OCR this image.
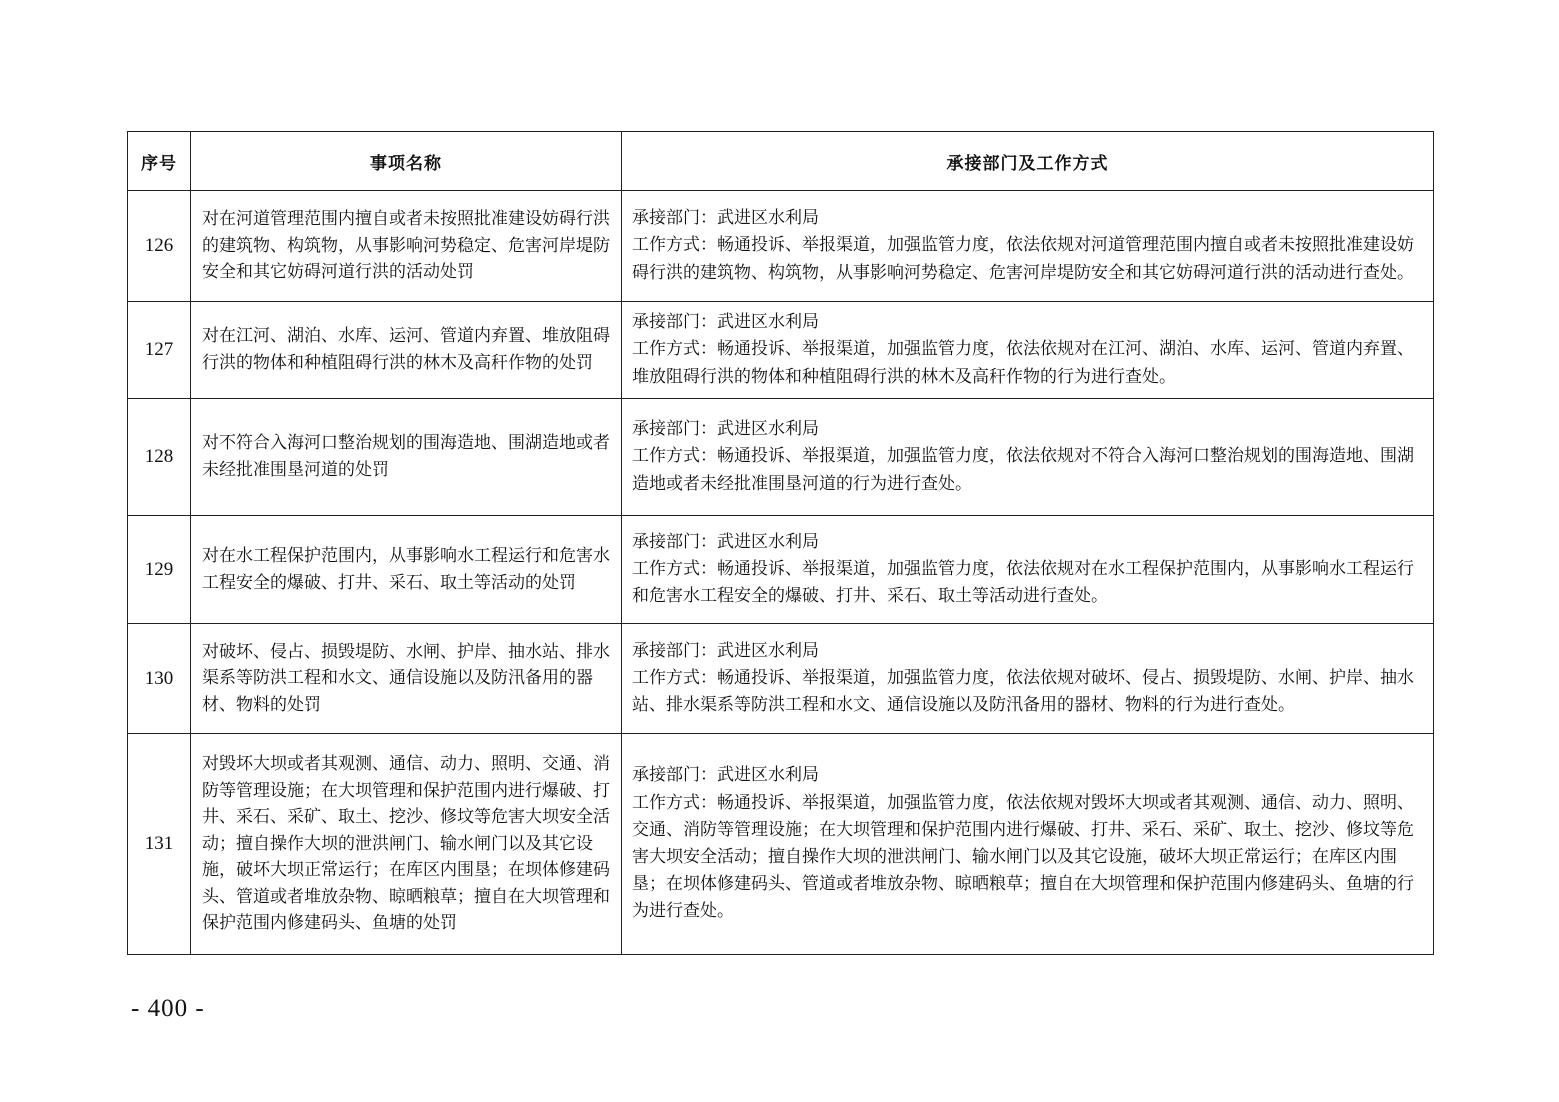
序号	事项名称	承接部门及工作方式
126	对在河道管理范围内擅自或者未按照批准建设妨碍行洪的建筑物、构筑物，从事影响河势稳定、危害河岸堤防安全和其它妨碍河道行洪的活动处罚	承接部门：武进区水利局
工作方式：畅通投诉、举报渠道，加强监管力度，依法依规对河道管理范围内擅自或者未按照批准建设妨碍行洪的建筑物、构筑物，从事影响河势稳定、危害河岸堤防安全和其它妨碍河道行洪的活动进行查处。

127	对在江河、湖泊、水库、运河、管道内弃置、堆放阻碍行洪的物体和种植阻碍行洪的林木及高秆作物的处罚	承接部门：武进区水利局
工作方式：畅通投诉、举报渠道，加强监管力度，依法依规对在江河、湖泊、水库、运河、管道内弃置、堆放阻碍行洪的物体和种植阻碍行洪的林木及高秆作物的行为进行查处。

128	对不符合入海河口整治规划的围海造地、围湖造地或者未经批准围垦河道的处罚	承接部门：武进区水利局
工作方式：畅通投诉、举报渠道，加强监管力度，依法依规对不符合入海河口整治规划的围海造地、围湖造地或者未经批准围垦河道的行为进行查处。

129	对在水工程保护范围内，从事影响水工程运行和危害水工程安全的爆破、打井、采石、取土等活动的处罚	承接部门：武进区水利局
工作方式：畅通投诉、举报渠道，加强监管力度，依法依规对在水工程保护范围内，从事影响水工程运行和危害水工程安全的爆破、打井、采石、取土等活动进行查处。

130	对破坏、侵占、损毁堤防、水闸、护岸、抽水站、排水渠系等防洪工程和水文、通信设施以及防汛备用的器材、物料的处罚	承接部门：武进区水利局
工作方式：畅通投诉、举报渠道，加强监管力度，依法依规对破坏、侵占、损毁堤防、水闸、护岸、抽水站、排水渠系等防洪工程和水文、通信设施以及防汛备用的器材、物料的行为进行查处。

131	对毁坏大坝或者其观测、通信、动力、照明、交通、消防等管理设施；在大坝管理和保护范围内进行爆破、打井、采石、采矿、取土、挖沙、修坟等危害大坝安全活动；擅自操作大坝的泄洪闸门、输水闸门以及其它设施，破坏大坝正常运行；在库区内围垦；在坝体修建码头、管道或者堆放杂物、晾晒粮草；擅自在大坝管理和保护范围内修建码头、鱼塘的处罚	承接部门：武进区水利局
工作方式：畅通投诉、举报渠道，加强监管力度，依法依规对毁坏大坝或者其观测、通信、动力、照明、交通、消防等管理设施；在大坝管理和保护范围内进行爆破、打井、采石、采矿、取土、挖沙、修坟等危害大坝安全活动；擅自操作大坝的泄洪闸门、输水闸门以及其它设施，破坏大坝正常运行；在库区内围垦；在坝体修建码头、管道或者堆放杂物、晾晒粮草；擅自在大坝管理和保护范围内修建码头、鱼塘的行为进行查处。
- 400 -
